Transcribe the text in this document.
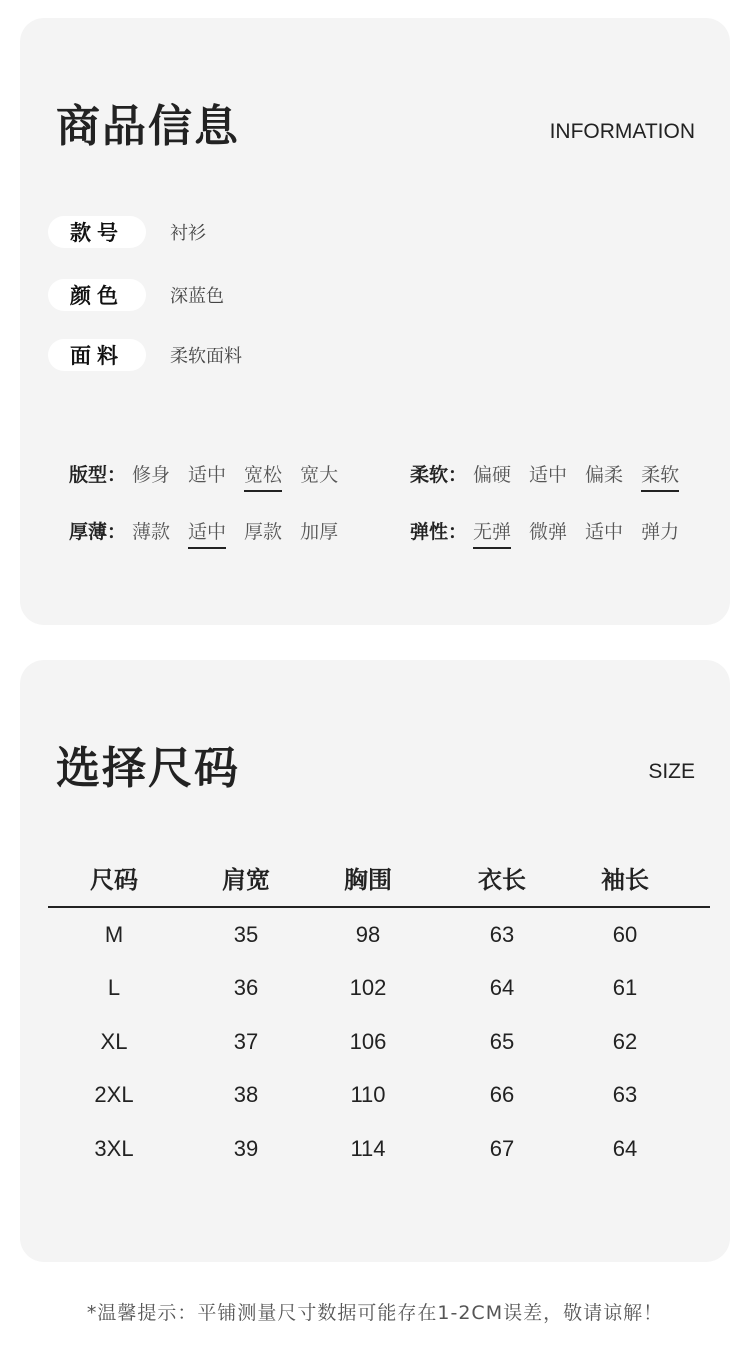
商品信息	INFORMATION
款号	衬衫
颜色	深蓝色
面料	柔软面料
版型： 修身 适中 宽松 宽大	柔软： 偏硬 适中 偏柔 柔软
厚薄： 薄款 适中 厚款 加厚	弹性： 无弹 微弹 适中 弹力
选择尺码	SIZE
尺码	肩宽	胸围	衣长	袖长
M	35	98	63	60
L	36	102	64	61
XL	37	106	65	62
2XL	38	110	66	63
3XL	39	114	67	64
*温馨提示：平铺测量尺寸数据可能存在1-2CM误差，敬请谅解！
